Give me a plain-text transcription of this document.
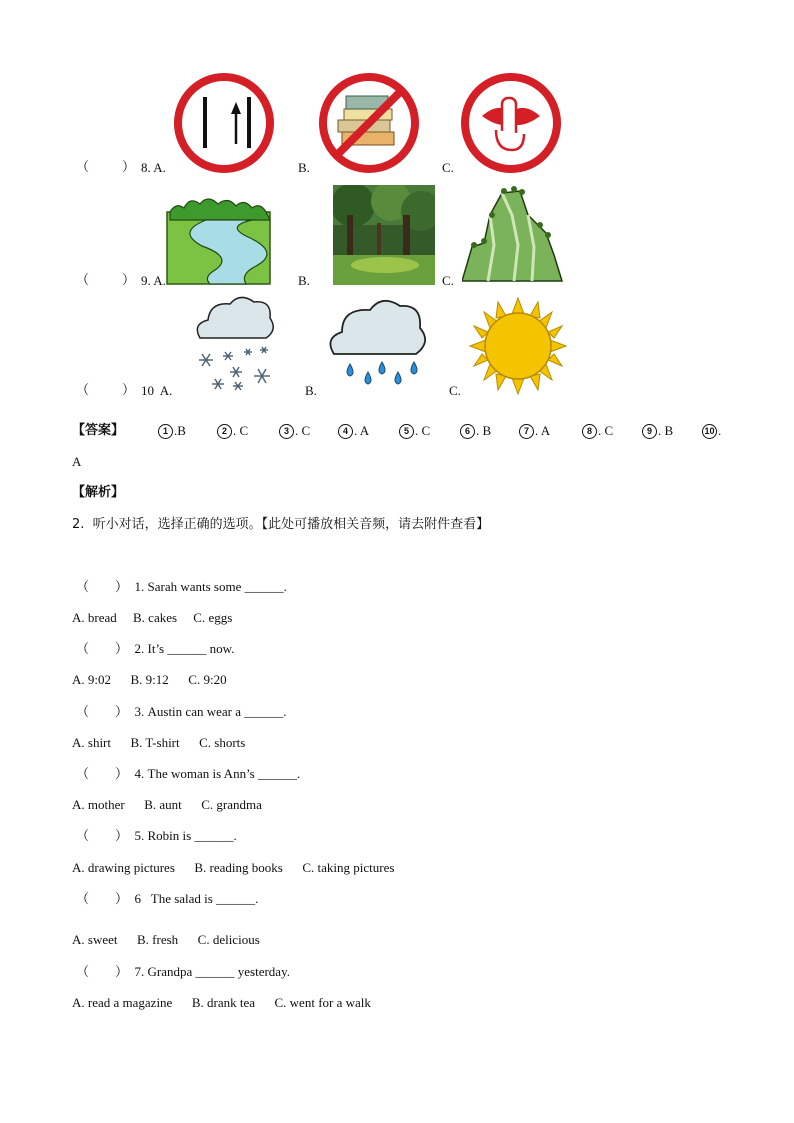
（        ） 8. A.	B.	C.
（        ） 9. A.	B.	C.
（        ） 10  A.	B.	C.
【答案】	1 .B	2 . C	3 . C	4 . A	5 . C	6 . B	7 . A	8 . C	9 . B	10 .
A
【解析】
2.  听小对话，选择正确的选项。【此处可播放相关音频，请去附件查看】
（        ）  1. Sarah wants some ______.
A. bread     B. cakes     C. eggs
（        ）  2. It’s ______ now.
A. 9:02      B. 9:12      C. 9:20
（        ）  3. Austin can wear a ______.
A. shirt      B. T-shirt      C. shorts
（        ）  4. The woman is Ann’s ______.
A. mother      B. aunt      C. grandma
（        ）  5. Robin is ______.
A. drawing pictures      B. reading books      C. taking pictures
（        ）  6   The salad is ______.
A. sweet      B. fresh      C. delicious
（        ）  7. Grandpa ______ yesterday.
A. read a magazine      B. drank tea      C. went for a walk
